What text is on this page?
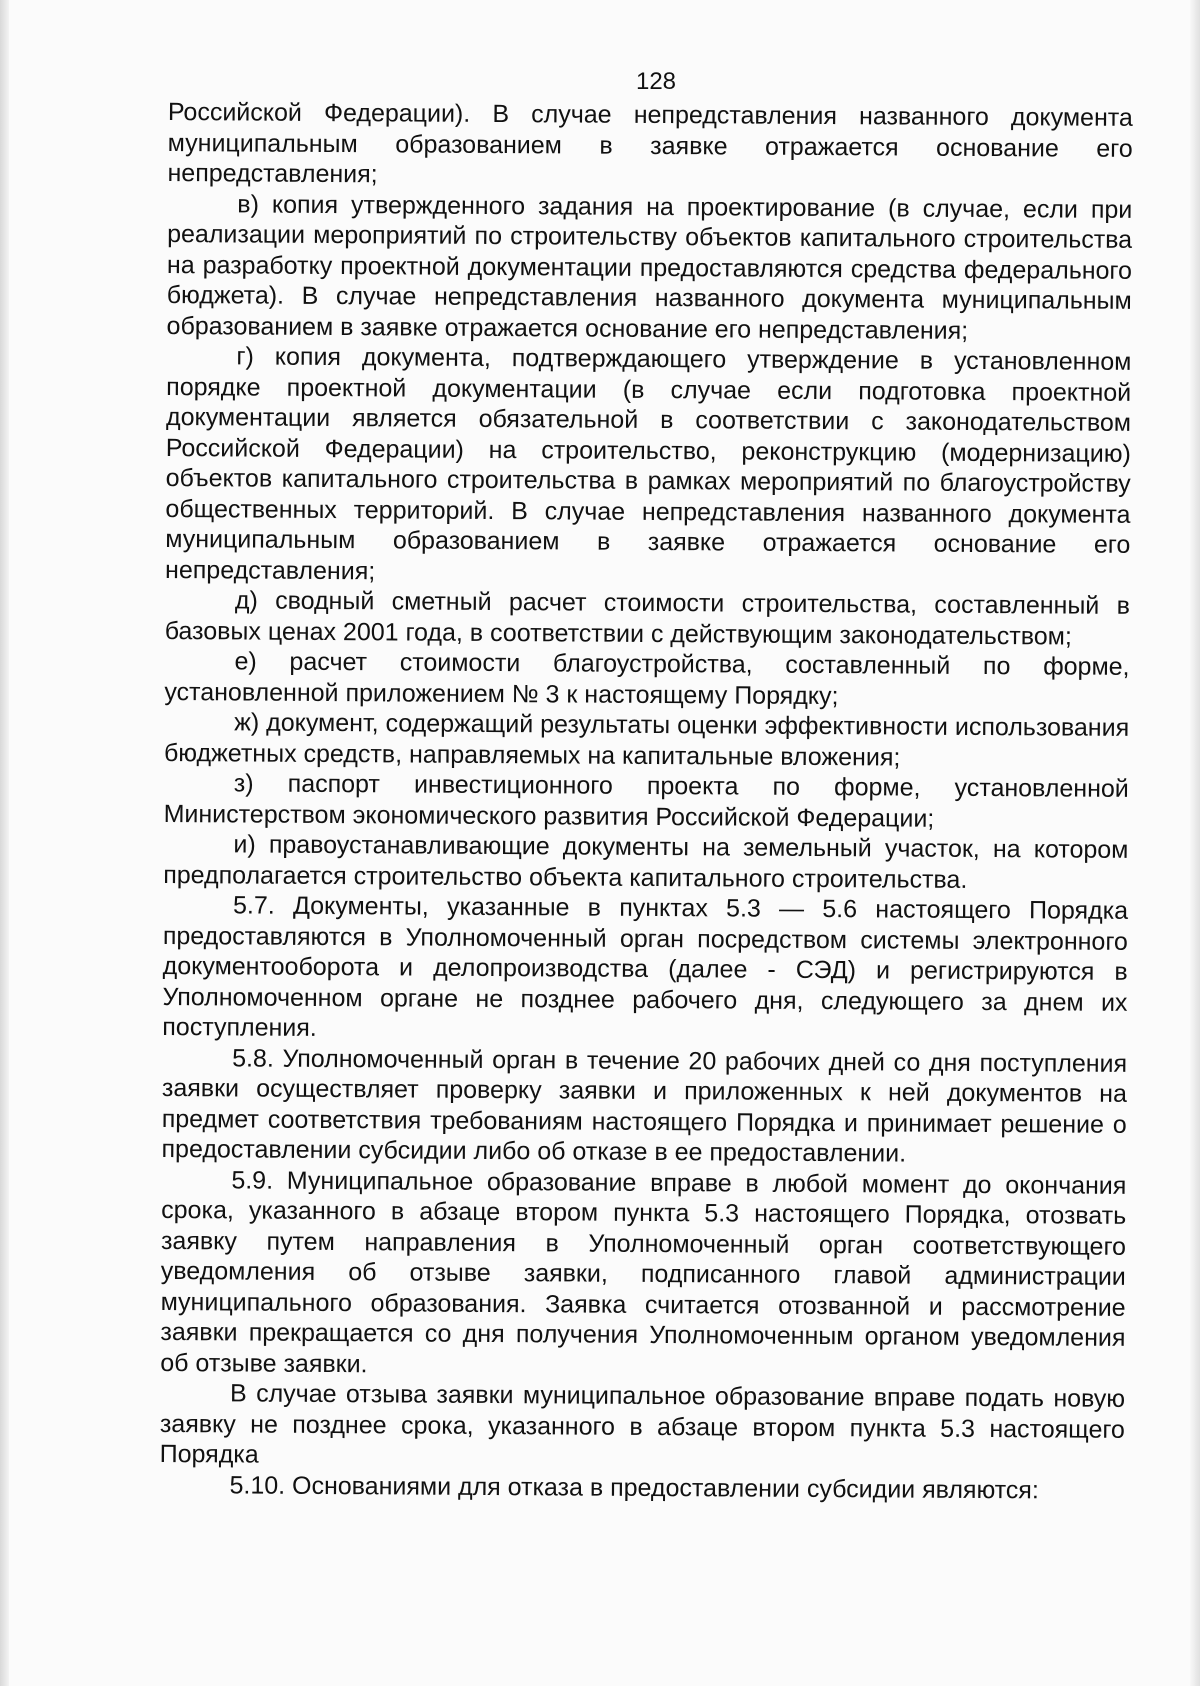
128

Российской Федерации). В случае непредставления названного документа муниципальным образованием в заявке отражается основание его непредставления;

в) копия утвержденного задания на проектирование (в случае, если при реализации мероприятий по строительству объектов капитального строительства на разработку проектной документации предоставляются средства федерального бюджета). В случае непредставления названного документа муниципальным образованием в заявке отражается основание его непредставления;

г) копия документа, подтверждающего утверждение в установленном порядке проектной документации (в случае если подготовка проектной документации является обязательной в соответствии с законодательством Российской Федерации) на строительство, реконструкцию (модернизацию) объектов капитального строительства в рамках мероприятий по благоустройству общественных территорий. В случае непредставления названного документа муниципальным образованием в заявке отражается основание его непредставления;

д) сводный сметный расчет стоимости строительства, составленный в базовых ценах 2001 года, в соответствии с действующим законодательством;

е) расчет стоимости благоустройства, составленный по форме, установленной приложением № 3 к настоящему Порядку;

ж) документ, содержащий результаты оценки эффективности использования бюджетных средств, направляемых на капитальные вложения;

з) паспорт инвестиционного проекта по форме, установленной Министерством экономического развития Российской Федерации;

и) правоустанавливающие документы на земельный участок, на котором предполагается строительство объекта капитального строительства.

5.7. Документы, указанные в пунктах 5.3 — 5.6 настоящего Порядка предоставляются в Уполномоченный орган посредством системы электронного документооборота и делопроизводства (далее - СЭД) и регистрируются в Уполномоченном органе не позднее рабочего дня, следующего за днем их поступления.

5.8. Уполномоченный орган в течение 20 рабочих дней со дня поступления заявки осуществляет проверку заявки и приложенных к ней документов на предмет соответствия требованиям настоящего Порядка и принимает решение о предоставлении субсидии либо об отказе в ее предоставлении.

5.9. Муниципальное образование вправе в любой момент до окончания срока, указанного в абзаце втором пункта 5.3 настоящего Порядка, отозвать заявку путем направления в Уполномоченный орган соответствующего уведомления об отзыве заявки, подписанного главой администрации муниципального образования. Заявка считается отозванной и рассмотрение заявки прекращается со дня получения Уполномоченным органом уведомления об отзыве заявки.

В случае отзыва заявки муниципальное образование вправе подать новую заявку не позднее срока, указанного в абзаце втором пункта 5.3 настоящего Порядка

5.10. Основаниями для отказа в предоставлении субсидии являются:
